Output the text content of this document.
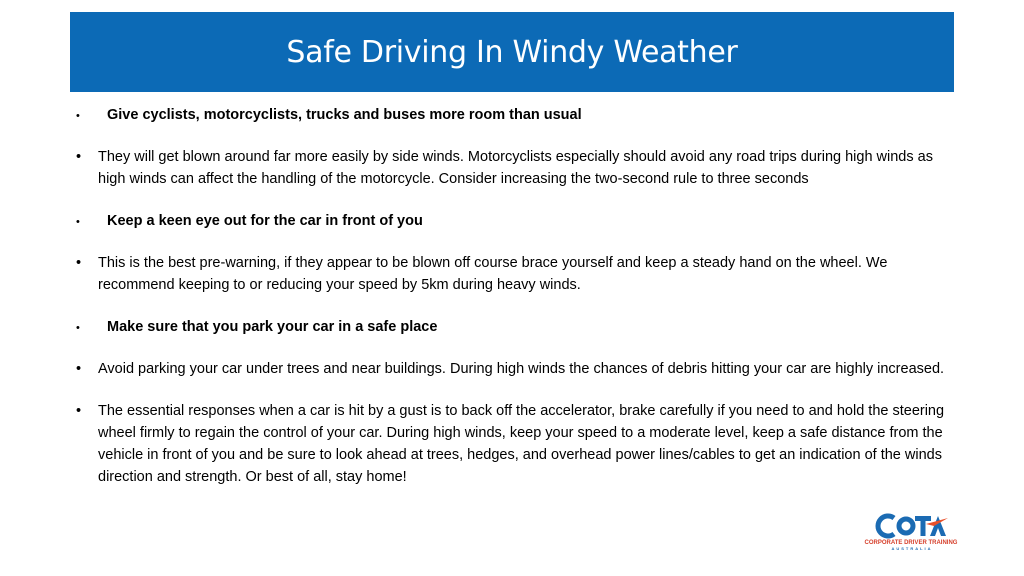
Safe Driving In Windy Weather
•	Give cyclists, motorcyclists, trucks and buses more room than usual
•	They will get blown around far more easily by side winds. Motorcyclists especially should avoid any road trips during high winds as high winds can affect the handling of the motorcycle. Consider increasing the two-second rule to three seconds
•	Keep a keen eye out for the car in front of you
•	This is the best pre-warning, if they appear to be blown off course brace yourself and keep a steady hand on the wheel. We recommend keeping to or reducing your speed by 5km during heavy winds.
•	Make sure that you park your car in a safe place
•	Avoid parking your car under trees and near buildings. During high winds the chances of debris hitting your car are highly increased.
•	The essential responses when a car is hit by a gust is to back off the accelerator, brake carefully if you need to and hold the steering wheel firmly to regain the control of your car. During high winds, keep your speed to a moderate level, keep a safe distance from the vehicle in front of you and be sure to look ahead at trees, hedges, and overhead power lines/cables to get an indication of the winds direction and strength. Or best of all, stay home!
CORPORATE DRIVER TRAINING
AUSTRALIA
